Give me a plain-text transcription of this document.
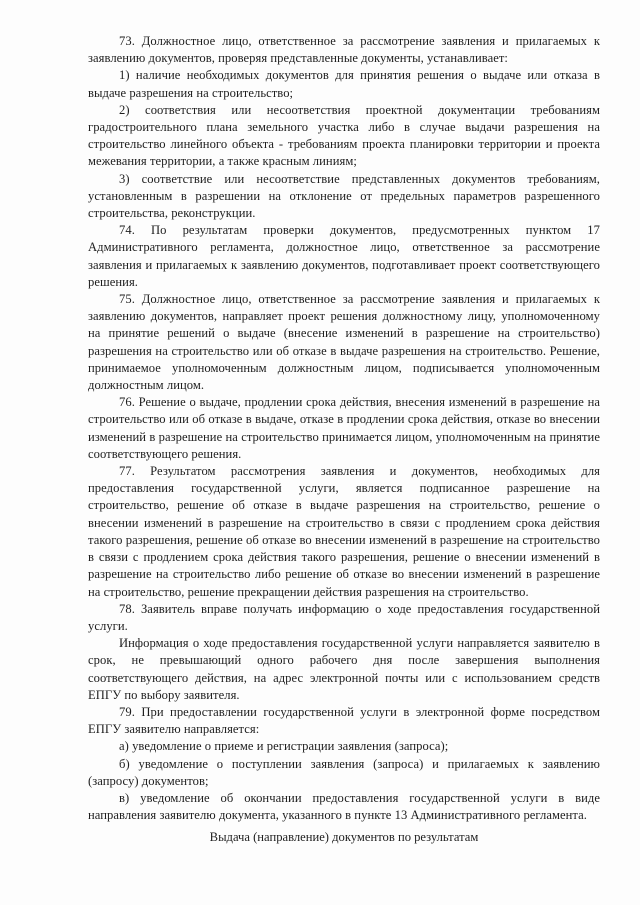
73. Должностное лицо, ответственное за рассмотрение заявления и прилагаемых к заявлению документов, проверяя представленные документы, устанавливает:

1) наличие необходимых документов для принятия решения о выдаче или отказа в выдаче разрешения на строительство;

2) соответствия или несоответствия проектной документации требованиям градостроительного плана земельного участка либо в случае выдачи разрешения на строительство линейного объекта - требованиям проекта планировки территории и проекта межевания территории, а также красным линиям;

3) соответствие или несоответствие представленных документов требованиям, установленным в разрешении на отклонение от предельных параметров разрешенного строительства, реконструкции.

74. По результатам проверки документов, предусмотренных пунктом 17 Административного регламента, должностное лицо, ответственное за рассмотрение заявления и прилагаемых к заявлению документов, подготавливает проект соответствующего решения.

75. Должностное лицо, ответственное за рассмотрение заявления и прилагаемых к заявлению документов, направляет проект решения должностному лицу, уполномоченному на принятие решений о выдаче (внесение изменений в разрешение на строительство) разрешения на строительство или об отказе в выдаче разрешения на строительство. Решение, принимаемое уполномоченным должностным лицом, подписывается уполномоченным должностным лицом.

76. Решение о выдаче, продлении срока действия, внесения изменений в разрешение на строительство или об отказе в выдаче, отказе в продлении срока действия, отказе во внесении изменений в разрешение на строительство принимается лицом, уполномоченным на принятие соответствующего решения.

77. Результатом рассмотрения заявления и документов, необходимых для предоставления государственной услуги, является подписанное разрешение на строительство, решение об отказе в выдаче разрешения на строительство, решение о внесении изменений в разрешение на строительство в связи с продлением срока действия такого разрешения, решение об отказе во внесении изменений в разрешение на строительство в связи с продлением срока действия такого разрешения, решение о внесении изменений в разрешение на строительство либо решение об отказе во внесении изменений в разрешение на строительство, решение прекращении действия разрешения на строительство.

78. Заявитель вправе получать информацию о ходе предоставления государственной услуги.

Информация о ходе предоставления государственной услуги направляется заявителю в срок, не превышающий одного рабочего дня после завершения выполнения соответствующего действия, на адрес электронной почты или с использованием средств ЕПГУ по выбору заявителя.

79. При предоставлении государственной услуги в электронной форме посредством ЕПГУ заявителю направляется:

а) уведомление о приеме и регистрации заявления (запроса);

б) уведомление о поступлении заявления (запроса) и прилагаемых к заявлению (запросу) документов;

в) уведомление об окончании предоставления государственной услуги в виде направления заявителю документа, указанного в пункте 13 Административного регламента.

Выдача (направление) документов по результатам
